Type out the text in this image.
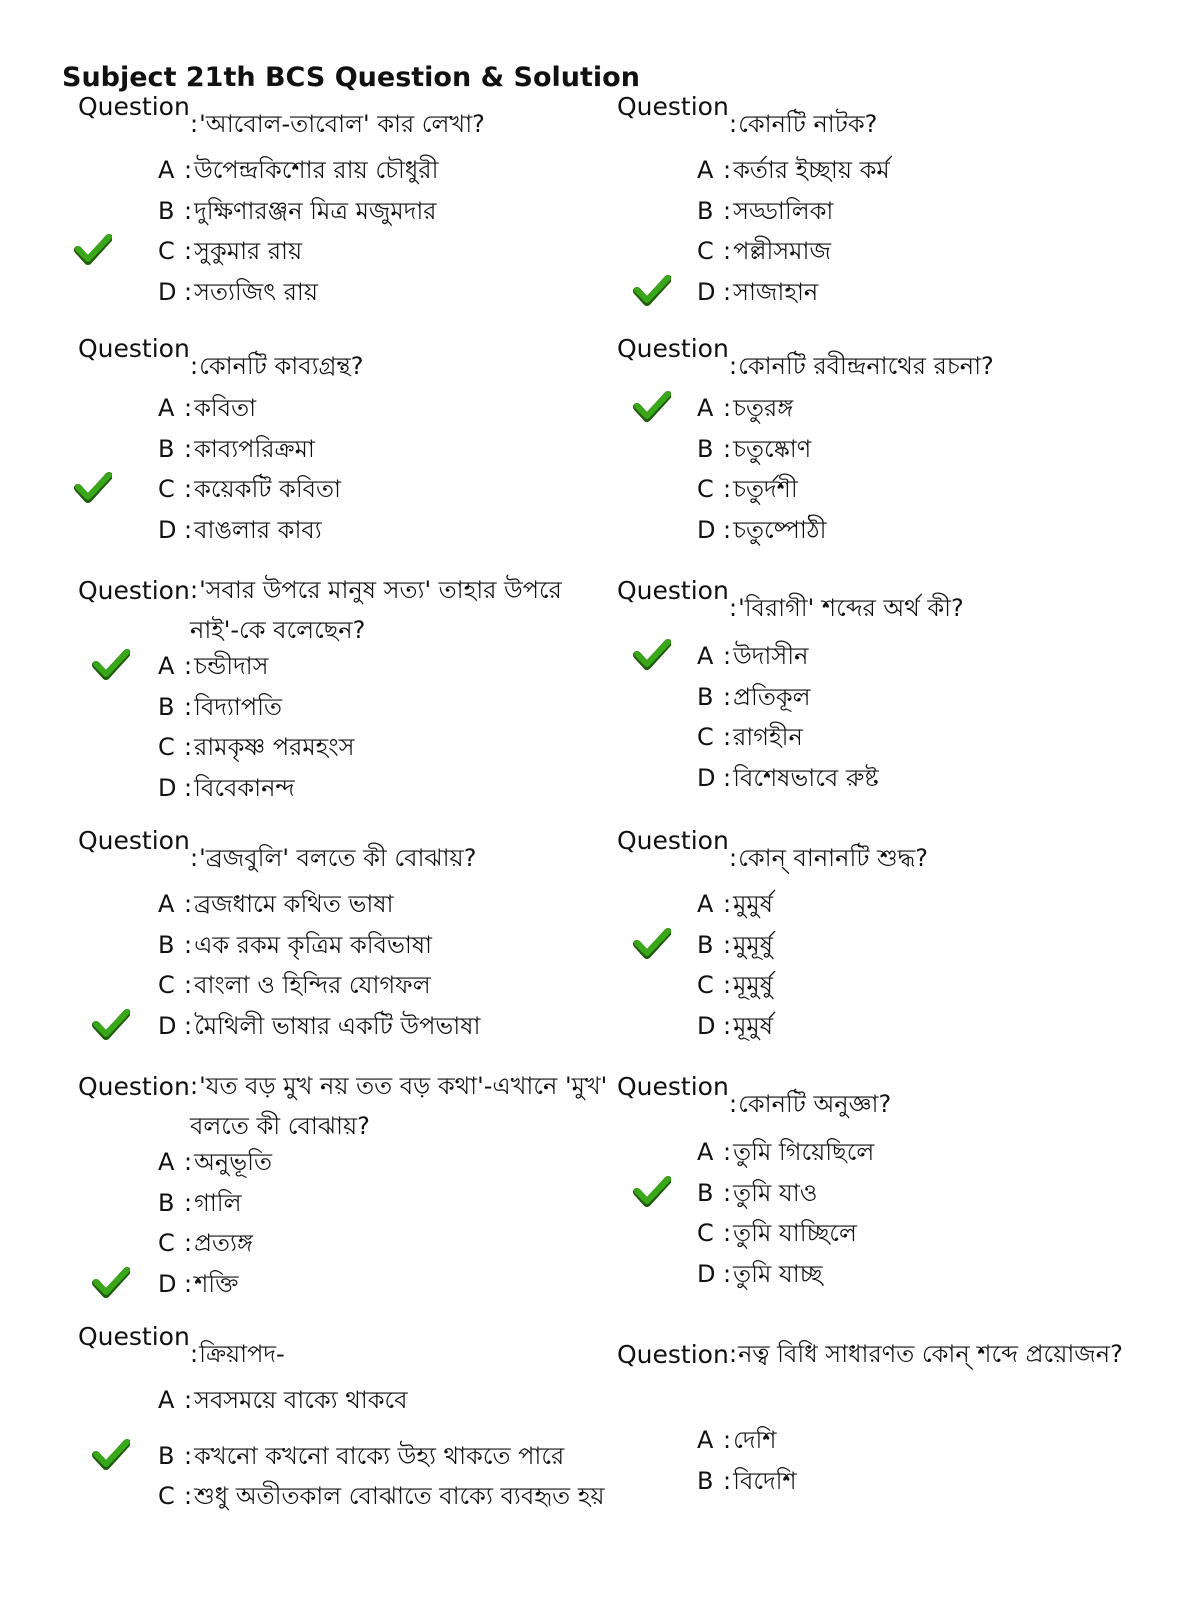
Subject 21th BCS Question & Solution
Question
: 'আবোল-তাবোল' কার লেখা?
A :উপেন্দ্রকিশোর রায় চৌধুরী
B :দুক্ষিণারঞ্জন মিত্র মজুমদার
C :সুকুমার রায়
D :সত্যজিৎ রায়
Question
: কোনটি নাটক?
A :কর্তার ইচ্ছায় কর্ম
B :সড্ডালিকা
C :পল্লীসমাজ
D :সাজাহান
Question
: কোনটি কাব্যগ্রন্থ?
A :কবিতা
B :কাব্যপরিক্রমা
C :কয়েকটি কবিতা
D :বাঙলার কাব্য
Question
: কোনটি রবীন্দ্রনাথের রচনা?
A :চতুরঙ্গ
B :চতুষ্কোণ
C :চতুর্দশী
D :চতুষ্পোঠী
Question : 'সবার উপরে মানুষ সত্য' তাহার উপরে নাই'-কে বলেছেন?
A :চন্ডীদাস
B :বিদ্যাপতি
C :রামকৃষ্ণ পরমহংস
D :বিবেকানন্দ
Question
: 'বিরাগী' শব্দের অর্থ কী?
A :উদাসীন
B :প্রতিকূল
C :রাগহীন
D :বিশেষভাবে রুষ্ট
Question
: 'ব্রজবুলি' বলতে কী বোঝায়?
A :ব্রজধামে কথিত ভাষা
B :এক রকম কৃত্রিম কবিভাষা
C :বাংলা ও হিন্দির যোগফল
D :মৈথিলী ভাষার একটি উপভাষা
Question
: কোন্ বানানটি শুদ্ধ?
A :মুমুর্ষ
B :মুমূর্ষু
C :মূমুর্ষু
D :মূমুর্ষ
Question : 'যত বড় মুখ নয় তত বড় কথা'-এখানে 'মুখ' বলতে কী বোঝায়?
A :অনুভূতি
B :গালি
C :প্রত্যঙ্গ
D :শক্তি
Question
: কোনটি অনুজ্ঞা?
A :তুমি গিয়েছিলে
B :তুমি যাও
C :তুমি যাচ্ছিলে
D :তুমি যাচ্ছ
Question
: ক্রিয়াপদ-
A :সবসময়ে বাক্যে থাকবে
B :কখনো কখনো বাক্যে উহ্য থাকতে পারে
C :শুধু অতীতকাল বোঝাতে বাক্যে ব্যবহৃত হয়
Question : নত্ব বিধি সাধারণত কোন্ শব্দে প্রয়োজন?
A :দেশি
B :বিদেশি
